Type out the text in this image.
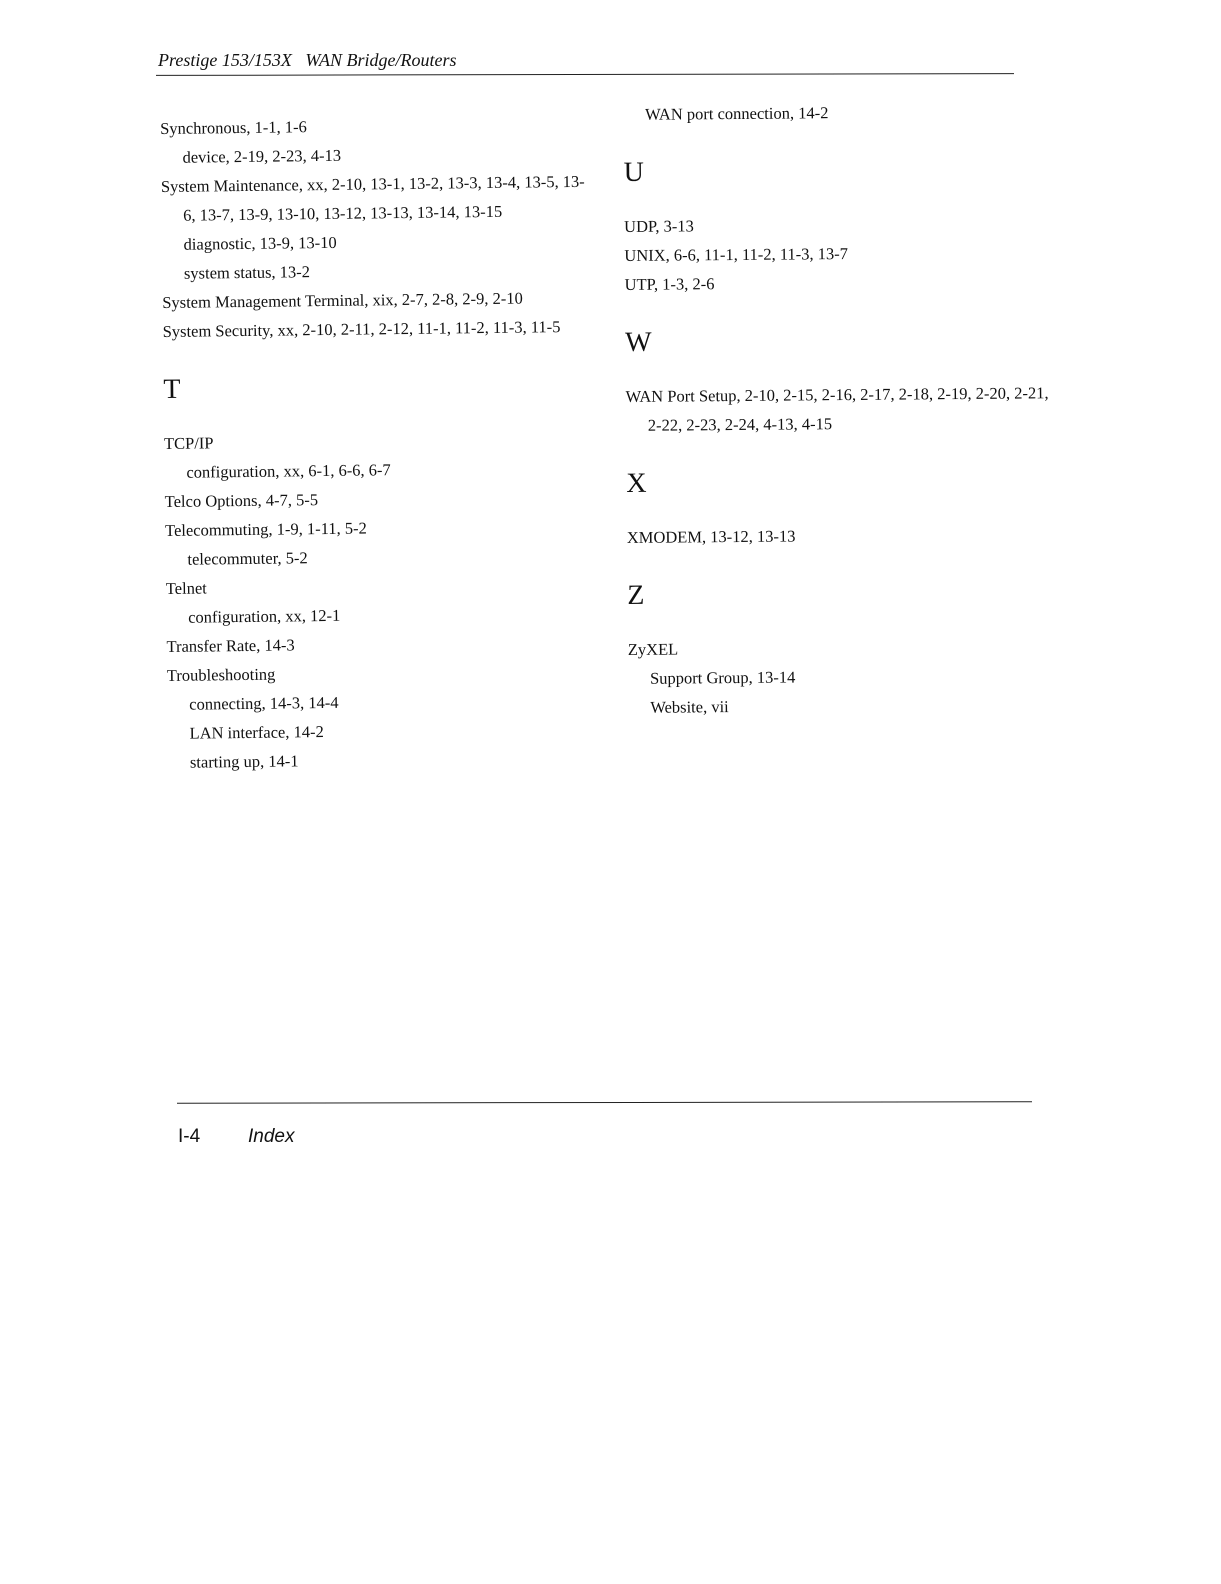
Prestige 153/153X   WAN Bridge/Routers
Synchronous, 1-1, 1-6
device, 2-19, 2-23, 4-13
System Maintenance, xx, 2-10, 13-1, 13-2, 13-3, 13-4, 13-5, 13-6, 13-7, 13-9, 13-10, 13-12, 13-13, 13-14, 13-15
diagnostic, 13-9, 13-10
system status, 13-2
System Management Terminal, xix, 2-7, 2-8, 2-9, 2-10
System Security, xx, 2-10, 2-11, 2-12, 11-1, 11-2, 11-3, 11-5
T
TCP/IP
configuration, xx, 6-1, 6-6, 6-7
Telco Options, 4-7, 5-5
Telecommuting, 1-9, 1-11, 5-2
telecommuter, 5-2
Telnet
configuration, xx, 12-1
Transfer Rate, 14-3
Troubleshooting
connecting, 14-3, 14-4
LAN interface, 14-2
starting up, 14-1
WAN port connection, 14-2
U
UDP, 3-13
UNIX, 6-6, 11-1, 11-2, 11-3, 13-7
UTP, 1-3, 2-6
W
WAN Port Setup, 2-10, 2-15, 2-16, 2-17, 2-18, 2-19, 2-20, 2-21, 2-22, 2-23, 2-24, 4-13, 4-15
X
XMODEM, 13-12, 13-13
Z
ZyXEL
Support Group, 13-14
Website, vii
I-4	Index
